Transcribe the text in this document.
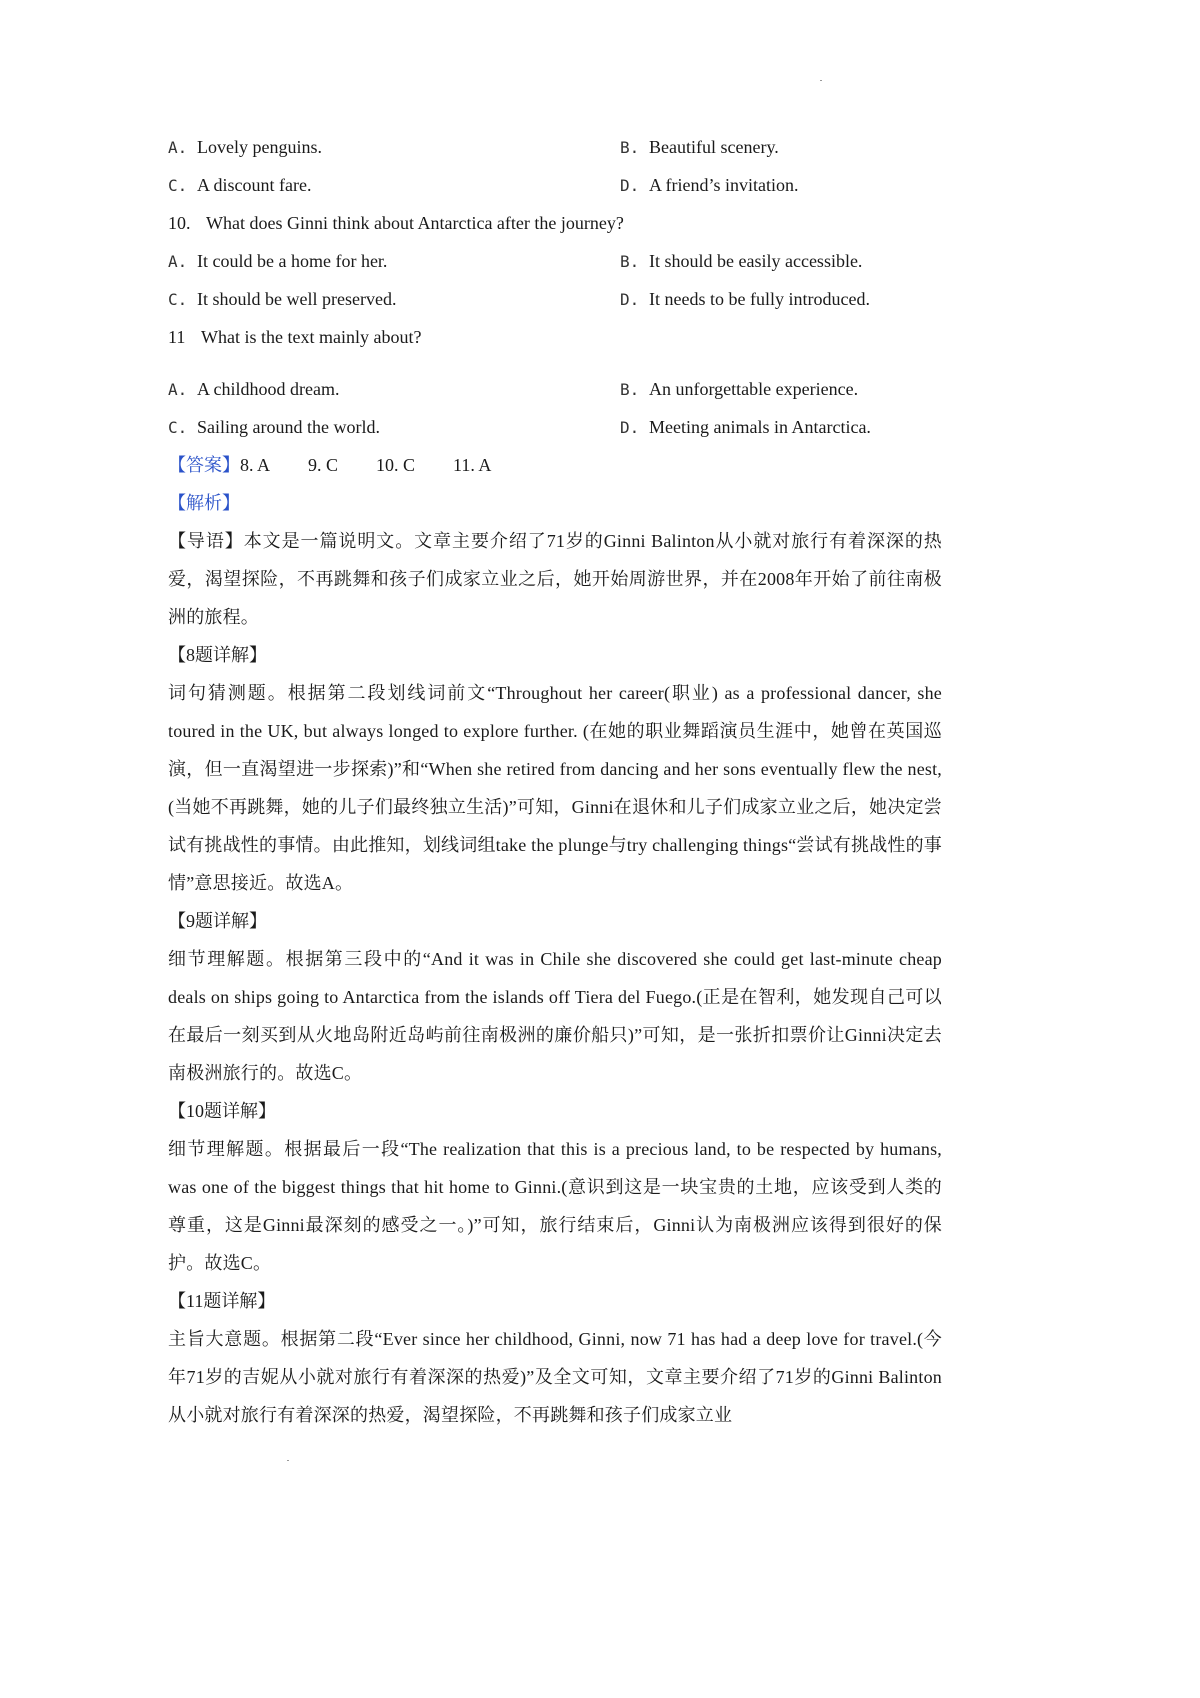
A. Lovely penguins.	B. Beautiful scenery.
C. A discount fare.	D. A friend’s invitation.
10. What does Ginni think about Antarctica after the journey?
A. It could be a home for her.	B. It should be easily accessible.
C. It should be well preserved.	D. It needs to be fully introduced.
11 What is the text mainly about?
A. A childhood dream.	B. An unforgettable experience.
C. Sailing around the world.	D. Meeting animals in Antarctica.
【答案】8. A 9. C 10. C 11. A
【解析】
【导语】本文是一篇说明文。文章主要介绍了71岁的Ginni Balinton从小就对旅行有着深深的热爱，渴望探险，不再跳舞和孩子们成家立业之后，她开始周游世界，并在2008年开始了前往南极洲的旅程。
【8题详解】
词句猜测题。根据第二段划线词前文“Throughout her career(职业) as a professional dancer, she toured in the UK, but always longed to explore further. (在她的职业舞蹈演员生涯中，她曾在英国巡演，但一直渴望进一步探索)”和“When she retired from dancing and her sons eventually flew the nest,(当她不再跳舞，她的儿子们最终独立生活)”可知，Ginni在退休和儿子们成家立业之后，她决定尝试有挑战性的事情。由此推知，划线词组take the plunge与try challenging things“尝试有挑战性的事情”意思接近。故选A。
【9题详解】
细节理解题。根据第三段中的“And it was in Chile she discovered she could get last-minute cheap deals on ships going to Antarctica from the islands off Tiera del Fuego.(正是在智利，她发现自己可以在最后一刻买到从火地岛附近岛屿前往南极洲的廉价船只)”可知，是一张折扣票价让Ginni决定去南极洲旅行的。故选C。
【10题详解】
细节理解题。根据最后一段“The realization that this is a precious land, to be respected by humans, was one of the biggest things that hit home to Ginni.(意识到这是一块宝贵的土地，应该受到人类的尊重，这是Ginni最深刻的感受之一。)”可知，旅行结束后，Ginni认为南极洲应该得到很好的保护。故选C。
【11题详解】
主旨大意题。根据第二段“Ever since her childhood, Ginni, now 71 has had a deep love for travel.(今年71岁的吉妮从小就对旅行有着深深的热爱)”及全文可知，文章主要介绍了71岁的Ginni Balinton从小就对旅行有着深深的热爱，渴望探险，不再跳舞和孩子们成家立业
